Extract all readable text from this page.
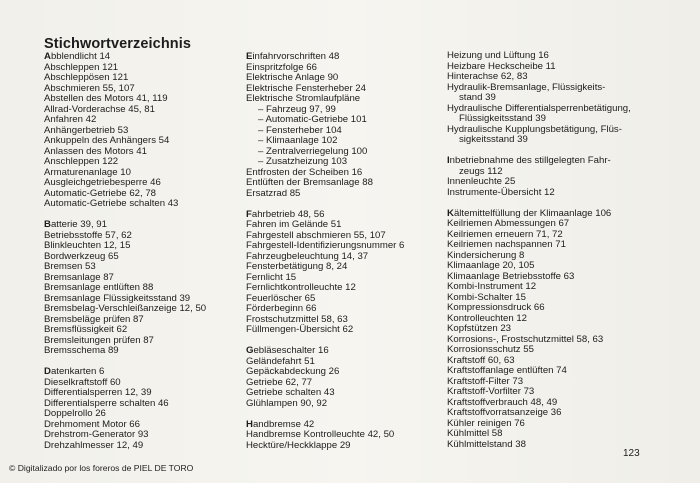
Stichwortverzeichnis
Abblendlicht 14
Abschleppen 121
Abschleppösen 121
Abschmieren 55, 107
Abstellen des Motors 41, 119
Allrad-Vorderachse 45, 81
Anfahren 42
Anhängerbetrieb 53
Ankuppeln des Anhängers 54
Anlassen des Motors 41
Anschleppen 122
Armaturenanlage 10
Ausgleichgetriebesperre 46
Automatic-Getriebe 62, 78
Automatic-Getriebe schalten 43
Batterie 39, 91
Betriebsstoffe 57, 62
Blinkleuchten 12, 15
Bordwerkzeug 65
Bremsen 53
Bremsanlage 87
Bremsanlage entlüften 88
Bremsanlage Flüssigkeitsstand 39
Bremsbelag-Verschleißanzeige 12, 50
Bremsbeläge prüfen 87
Bremsflüssigkeit 62
Bremsleitungen prüfen 87
Bremsschema 89
Datenkarten 6
Dieselkraftstoff 60
Differentialsperren 12, 39
Differentialsperre schalten 46
Doppelrollo 26
Drehmoment Motor 66
Drehstrom-Generator 93
Drehzahlmesser 12, 49
Einfahrvorschriften 48
Einspritzfolge 66
Elektrische Anlage 90
Elektrische Fensterheber 24
Elektrische Stromlaufpläne
– Fahrzeug 97, 99
– Automatic-Getriebe 101
– Fensterheber 104
– Klimaanlage 102
– Zentralverriegelung 100
– Zusatzheizung 103
Entfrosten der Scheiben 16
Entlüften der Bremsanlage 88
Ersatzrad 85
Fahrbetrieb 48, 56
Fahren im Gelände 51
Fahrgestell abschmieren 55, 107
Fahrgestell-Identifizierungsnummer 6
Fahrzeugbeleuchtung 14, 37
Fensterbetätigung 8, 24
Fernlicht 15
Fernlichtkontrolleuchte 12
Feuerlöscher 65
Förderbeginn 66
Frostschutzmittel 58, 63
Füllmengen-Übersicht 62
Gebläseschalter 16
Geländefahrt 51
Gepäckabdeckung 26
Getriebe 62, 77
Getriebe schalten 43
Glühlampen 90, 92
Handbremse 42
Handbremse Kontrolleuchte 42, 50
Hecktüre/Heckklappe 29
Heizung und Lüftung 16
Heizbare Heckscheibe 11
Hinterachse 62, 83
Hydraulik-Bremsanlage, Flüssigkeits-
stand 39
Hydraulische Differentialsperrenbetätigung,
Flüssigkeitsstand 39
Hydraulische Kupplungsbetätigung, Flüs-
sigkeitsstand 39
Inbetriebnahme des stillgelegten Fahr-
zeugs 112
Innenleuchte 25
Instrumente-Übersicht 12
Kältemittelfüllung der Klimaanlage 106
Keilriemen Abmessungen 67
Keilriemen erneuern 71, 72
Keilriemen nachspannen 71
Kindersicherung 8
Klimaanlage 20, 105
Klimaanlage Betriebsstoffe 63
Kombi-Instrument 12
Kombi-Schalter 15
Kompressionsdruck 66
Kontrolleuchten 12
Kopfstützen 23
Korrosions-, Frostschutzmittel 58, 63
Korrosionsschutz 55
Kraftstoff 60, 63
Kraftstoffanlage entlüften 74
Kraftstoff-Filter 73
Kraftstoff-Vorfilter 73
Kraftstoffverbrauch 48, 49
Kraftstoffvorratsanzeige 36
Kühler reinigen 76
Kühlmittel 58
Kühlmittelstand 38
123
© Digitalizado por los foreros de PIEL DE TORO
